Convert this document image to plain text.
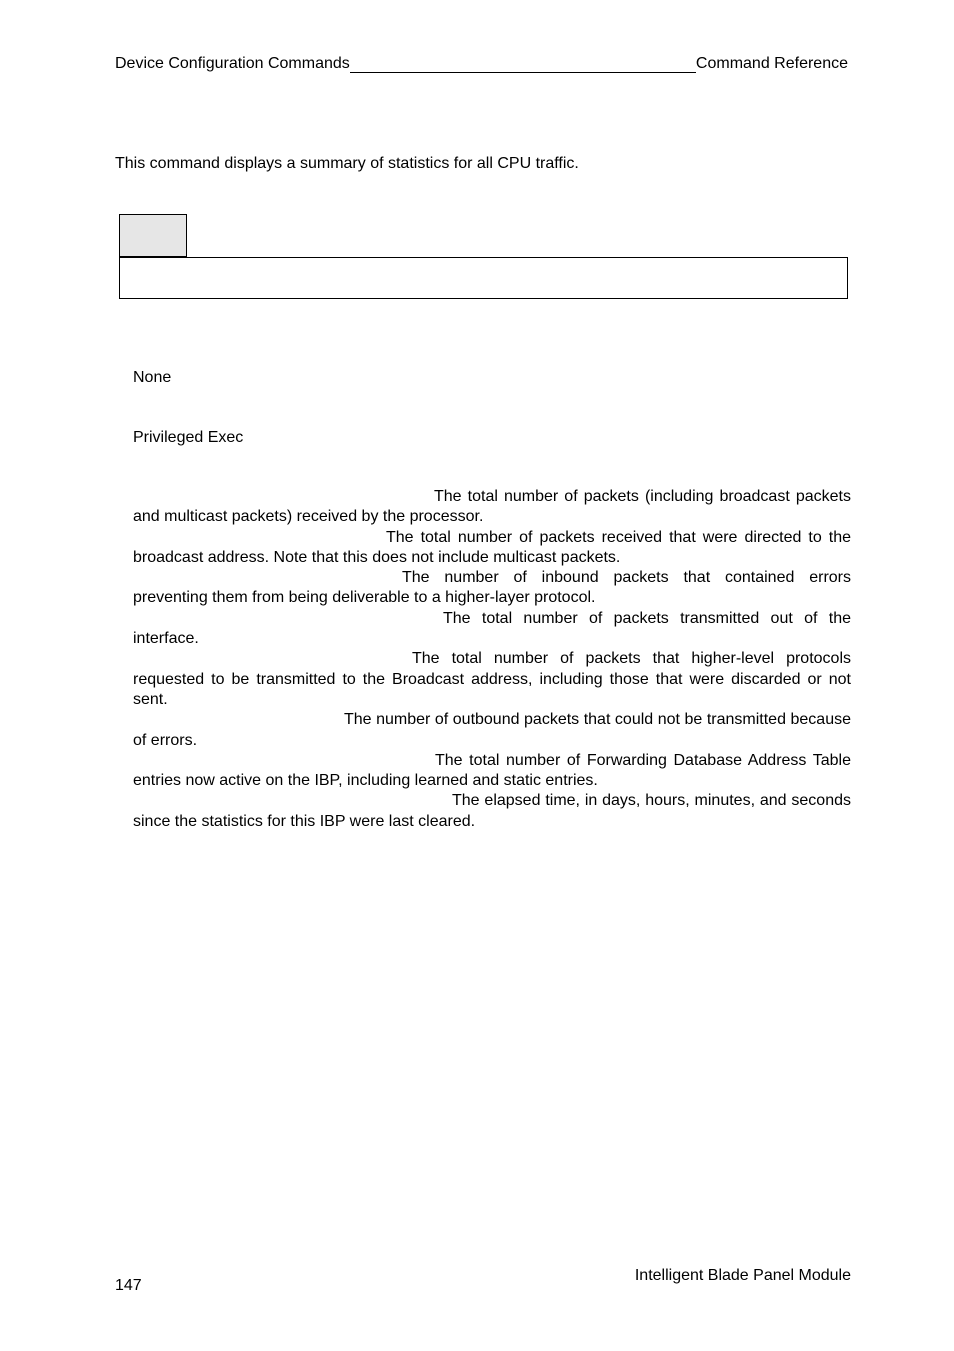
Device Configuration Commands	Command Reference
This command displays a summary of statistics for all CPU traffic.
None
Privileged Exec
The total number of packets (including broadcast packets and multicast packets) received by the processor.
The total number of packets received that were directed to the broadcast address. Note that this does not include multicast packets.
The number of inbound packets that contained errors preventing them from being deliverable to a higher-layer protocol.
The total number of packets transmitted out of the interface.
The total number of packets that higher-level protocols requested to be transmitted to the Broadcast address, including those that were discarded or not sent.
The number of outbound packets that could not be transmitted because of errors.
The total number of Forwarding Database Address Table entries now active on the IBP, including learned and static entries.
The elapsed time, in days, hours, minutes, and seconds since the statistics for this IBP were last cleared.
147
Intelligent Blade Panel Module
